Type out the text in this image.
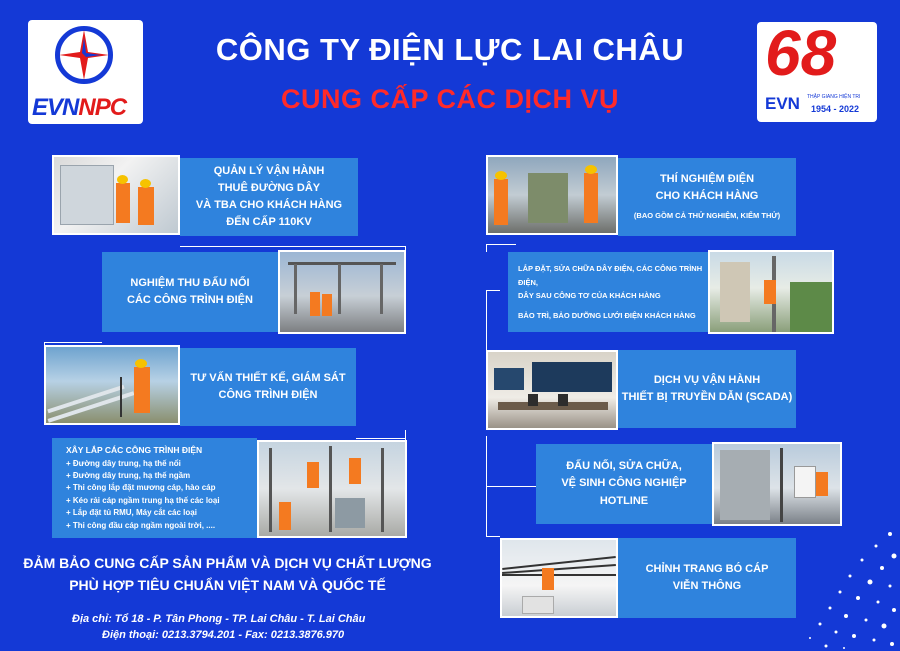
EVNNPC
68
EVN THẬP GIANG HIỆN TRI
1954 - 2022
CÔNG TY ĐIỆN LỰC LAI CHÂU
CUNG CẤP CÁC DỊCH VỤ
QUẢN LÝ VẬN HÀNH
THUÊ ĐƯỜNG DÂY
VÀ TBA CHO KHÁCH HÀNG
ĐẾN CẤP 110KV
NGHIỆM THU ĐẤU NỐI
CÁC CÔNG TRÌNH ĐIỆN
TƯ VẤN THIẾT KẾ, GIÁM SÁT
CÔNG TRÌNH ĐIỆN
XÂY LẮP CÁC CÔNG TRÌNH ĐIỆN
+ Đường dây trung, hạ thế nổi
+ Đường dây trung, hạ thế ngầm
+ Thi công lắp đặt mương cáp, hào cáp
+ Kéo rải cáp ngầm trung hạ thế các loại
+ Lắp đặt tủ RMU, Máy cắt các loại
+ Thi công đầu cáp ngầm ngoài trời, ....
THÍ NGHIỆM ĐIỆN
CHO KHÁCH HÀNG
(BAO GỒM CẢ THỬ NGHIỆM, KIỂM THỬ)
LẮP ĐẶT, SỬA CHỮA DÂY ĐIỆN, CÁC CÔNG TRÌNH ĐIỆN,
DÂY SAU CÔNG TƠ CỦA KHÁCH HÀNG
BẢO TRÌ, BẢO DƯỠNG LƯỚI ĐIỆN KHÁCH HÀNG
DỊCH VỤ VẬN HÀNH
THIẾT BỊ TRUYỀN DẪN (SCADA)
ĐẤU NỐI, SỬA CHỮA,
VỆ SINH CÔNG NGHIỆP HOTLINE
CHỈNH TRANG BÓ CÁP
VIỄN THÔNG
ĐẢM BẢO CUNG CẤP SẢN PHẨM VÀ DỊCH VỤ CHẤT LƯỢNG
PHÙ HỢP TIÊU CHUẨN VIỆT NAM VÀ QUỐC TẾ
Địa chỉ: Tổ 18 - P. Tân Phong - TP. Lai Châu - T. Lai Châu
Điện thoại: 0213.3794.201 - Fax: 0213.3876.970
